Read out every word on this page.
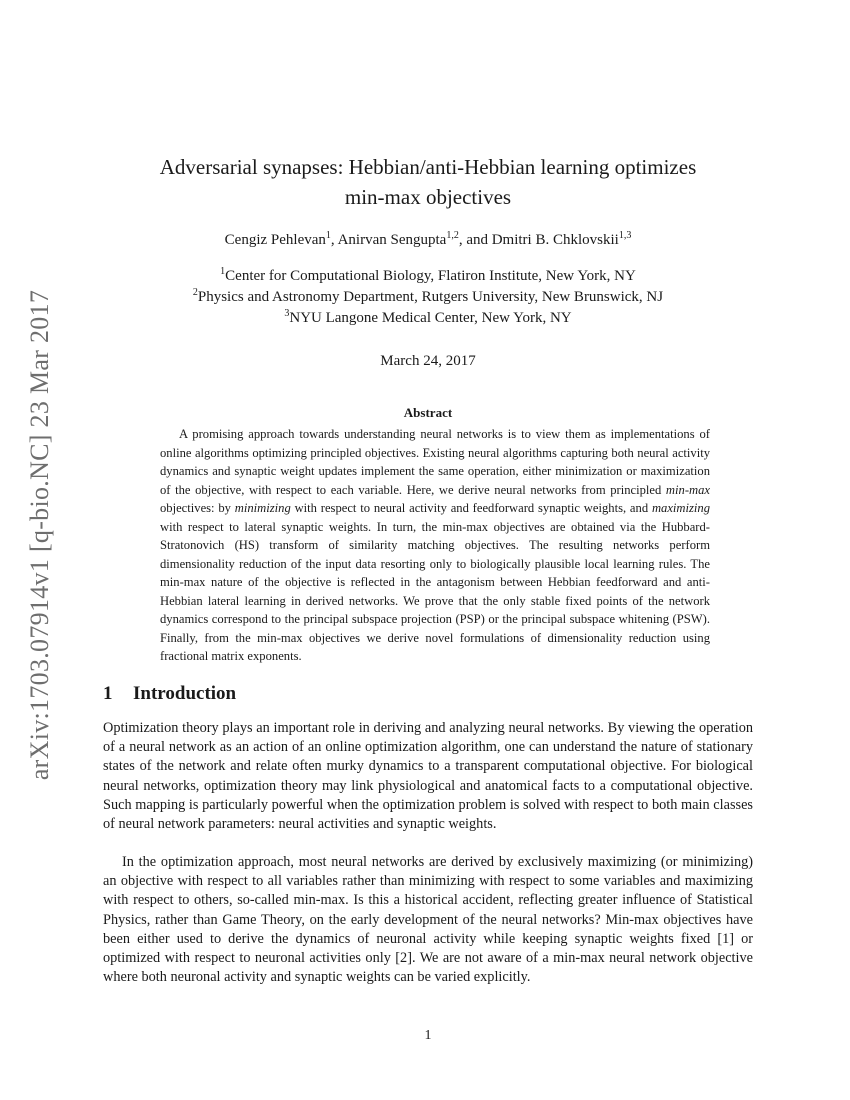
arXiv:1703.07914v1 [q-bio.NC] 23 Mar 2017
Adversarial synapses: Hebbian/anti-Hebbian learning optimizes
min-max objectives
Cengiz Pehlevan$^1$, Anirvan Sengupta$^{1,2}$, and Dmitri B. Chklovskii$^{1,3}$
$^1$Center for Computational Biology, Flatiron Institute, New York, NY
$^2$Physics and Astronomy Department, Rutgers University, New Brunswick, NJ
$^3$NYU Langone Medical Center, New York, NY
March 24, 2017
Abstract

A promising approach towards understanding neural networks is to view them as implementations of online algorithms optimizing principled objectives. Existing neural algorithms capturing both neural activity dynamics and synaptic weight updates implement the same operation, either minimization or maximization of the objective, with respect to each variable. Here, we derive neural networks from principled min-max objectives: by minimizing with respect to neural activity and feedforward synaptic weights, and maximizing with respect to lateral synaptic weights. In turn, the min-max objectives are obtained via the Hubbard-Stratonovich (HS) transform of similarity matching objectives. The resulting networks perform dimensionality reduction of the input data resorting only to biologically plausible local learning rules. The min-max nature of the objective is reflected in the antagonism between Hebbian feedforward and anti-Hebbian lateral learning in derived networks. We prove that the only stable fixed points of the network dynamics correspond to the principal subspace projection (PSP) or the principal subspace whitening (PSW). Finally, from the min-max objectives we derive novel formulations of dimensionality reduction using fractional matrix exponents.

1 Introduction

Optimization theory plays an important role in deriving and analyzing neural networks. By viewing the operation of a neural network as an action of an online optimization algorithm, one can understand the nature of stationary states of the network and relate often murky dynamics to a transparent computational objective. For biological neural networks, optimization theory may link physiological and anatomical facts to a computational objective. Such mapping is particularly powerful when the optimization problem is solved with respect to both main classes of neural network parameters: neural activities and synaptic weights.

In the optimization approach, most neural networks are derived by exclusively maximizing (or minimizing) an objective with respect to all variables rather than minimizing with respect to some variables and maximizing with respect to others, so-called min-max. Is this a historical accident, reflecting greater influence of Statistical Physics, rather than Game Theory, on the early development of the neural networks? Min-max objectives have been either used to derive the dynamics of neuronal activity while keeping synaptic weights fixed [1] or optimized with respect to neuronal activities only [2]. We are not aware of a min-max neural network objective where both neuronal activity and synaptic weights can be varied explicitly.

1
